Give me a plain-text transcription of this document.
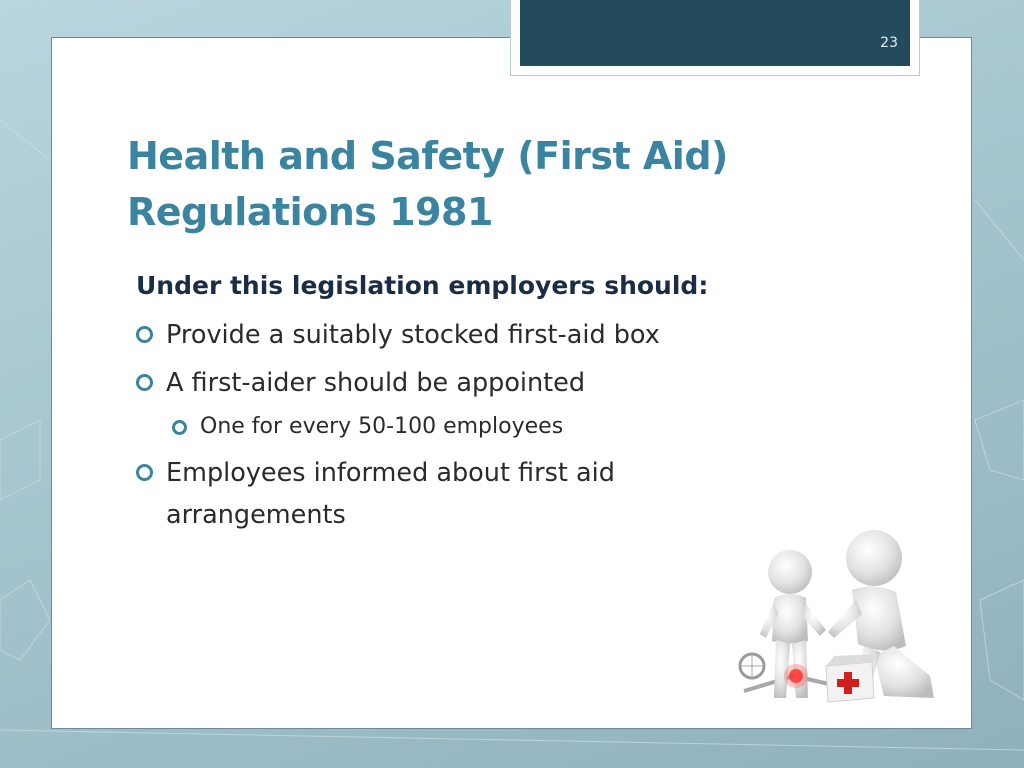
23
Health and Safety (First Aid) Regulations 1981
Under this legislation employers should:
Provide a suitably stocked first-aid box
A first-aider should be appointed
One for every 50-100 employees
Employees informed about first aid arrangements
